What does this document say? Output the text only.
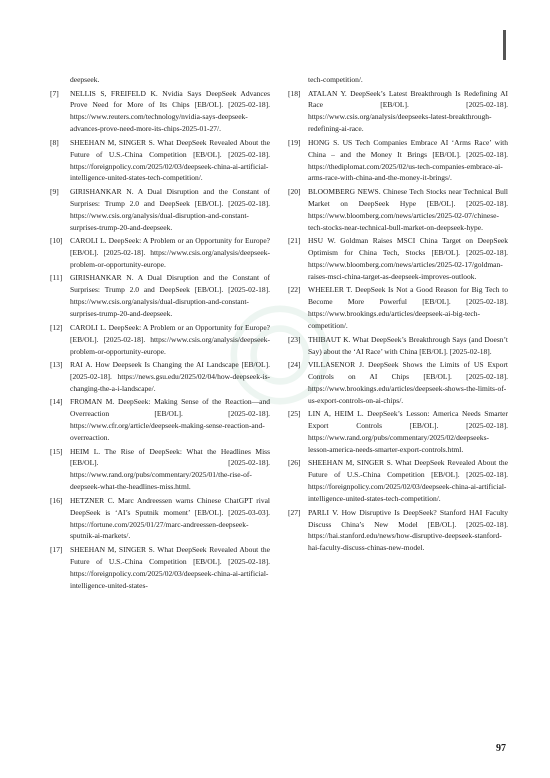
deepseek.
[7]	NELLIS S, FREIFELD K. Nvidia Says DeepSeek Advances Prove Need for More of Its Chips [EB/OL]. [2025-02-18]. https://www.reuters.com/technology/nvidia-says-deepseek-advances-prove-need-more-its-chips-2025-01-27/.
[8]	SHEEHAN M, SINGER S. What DeepSeek Revealed About the Future of U.S.-China Competition [EB/OL]. [2025-02-18]. https://foreignpolicy.com/2025/02/03/deepseek-china-ai-artificial-intelligence-united-states-tech-competition/.
[9]	GIRISHANKAR N. A Dual Disruption and the Constant of Surprises: Trump 2.0 and DeepSeek [EB/OL]. [2025-02-18]. https://www.csis.org/analysis/dual-disruption-and-constant-surprises-trump-20-and-deepseek.
[10]	CAROLI L. DeepSeek: A Problem or an Opportunity for Europe? [EB/OL]. [2025-02-18]. https://www.csis.org/analysis/deepseek-problem-or-opportunity-europe.
[11]	GIRISHANKAR N. A Dual Disruption and the Constant of Surprises: Trump 2.0 and DeepSeek [EB/OL]. [2025-02-18]. https://www.csis.org/analysis/dual-disruption-and-constant-surprises-trump-20-and-deepseek.
[12]	CAROLI L. DeepSeek: A Problem or an Opportunity for Europe? [EB/OL]. [2025-02-18]. https://www.csis.org/analysis/deepseek-problem-or-opportunity-europe.
[13]	RAI A. How Deepseek Is Changing the AI Landscape [EB/OL]. [2025-02-18]. https://news.gsu.edu/2025/02/04/how-deepseek-is-changing-the-a-i-landscape/.
[14]	FROMAN M. DeepSeek: Making Sense of the Reaction—and Overreaction [EB/OL]. [2025-02-18]. https://www.cfr.org/article/deepseek-making-sense-reaction-and-overreaction.
[15]	HEIM L. The Rise of DeepSeek: What the Headlines Miss [EB/OL]. [2025-02-18]. https://www.rand.org/pubs/commentary/2025/01/the-rise-of-deepseek-what-the-headlines-miss.html.
[16]	HETZNER C. Marc Andreessen warns Chinese ChatGPT rival DeepSeek is ‘AI’s Sputnik moment’ [EB/OL]. [2025-03-03]. https://fortune.com/2025/01/27/marc-andreessen-deepseek-sputnik-ai-markets/.
[17]	SHEEHAN M, SINGER S. What DeepSeek Revealed About the Future of U.S.-China Competition [EB/OL]. [2025-02-18]. https://foreignpolicy.com/2025/02/03/deepseek-china-ai-artificial-intelligence-united-states-
tech-competition/.
[18]	ATALAN Y. DeepSeek’s Latest Breakthrough Is Redefining AI Race [EB/OL]. [2025-02-18]. https://www.csis.org/analysis/deepseeks-latest-breakthrough-redefining-ai-race.
[19]	HONG S. US Tech Companies Embrace AI ‘Arms Race’ with China – and the Money It Brings [EB/OL]. [2025-02-18]. https://thediplomat.com/2025/02/us-tech-companies-embrace-ai-arms-race-with-china-and-the-money-it-brings/.
[20]	BLOOMBERG NEWS. Chinese Tech Stocks near Technical Bull Market on DeepSeek Hype [EB/OL]. [2025-02-18]. https://www.bloomberg.com/news/articles/2025-02-07/chinese-tech-stocks-near-technical-bull-market-on-deepseek-hype.
[21]	HSU W. Goldman Raises MSCI China Target on DeepSeek Optimism for China Tech, Stocks [EB/OL]. [2025-02-18]. https://www.bloomberg.com/news/articles/2025-02-17/goldman-raises-msci-china-target-as-deepseek-improves-outlook.
[22]	WHEELER T. DeepSeek Is Not a Good Reason for Big Tech to Become More Powerful [EB/OL]. [2025-02-18]. https://www.brookings.edu/articles/deepseek-ai-big-tech-competition/.
[23]	THIBAUT K. What DeepSeek’s Breakthrough Says (and Doesn’t Say) about the ‘AI Race’ with China [EB/OL]. [2025-02-18].
[24]	VILLASENOR J. DeepSeek Shows the Limits of US Export Controls on AI Chips [EB/OL]. [2025-02-18]. https://www.brookings.edu/articles/deepseek-shows-the-limits-of-us-export-controls-on-ai-chips/.
[25]	LIN A, HEIM L. DeepSeek’s Lesson: America Needs Smarter Export Controls [EB/OL]. [2025-02-18]. https://www.rand.org/pubs/commentary/2025/02/deepseeks-lesson-america-needs-smarter-export-controls.html.
[26]	SHEEHAN M, SINGER S. What DeepSeek Revealed About the Future of U.S.-China Competition [EB/OL]. [2025-02-18]. https://foreignpolicy.com/2025/02/03/deepseek-china-ai-artificial-intelligence-united-states-tech-competition/.
[27]	PARLI V. How Disruptive Is DeepSeek? Stanford HAI Faculty Discuss China’s New Model [EB/OL]. [2025-02-18]. https://hai.stanford.edu/news/how-disruptive-deepseek-stanford-hai-faculty-discuss-chinas-new-model.
97
